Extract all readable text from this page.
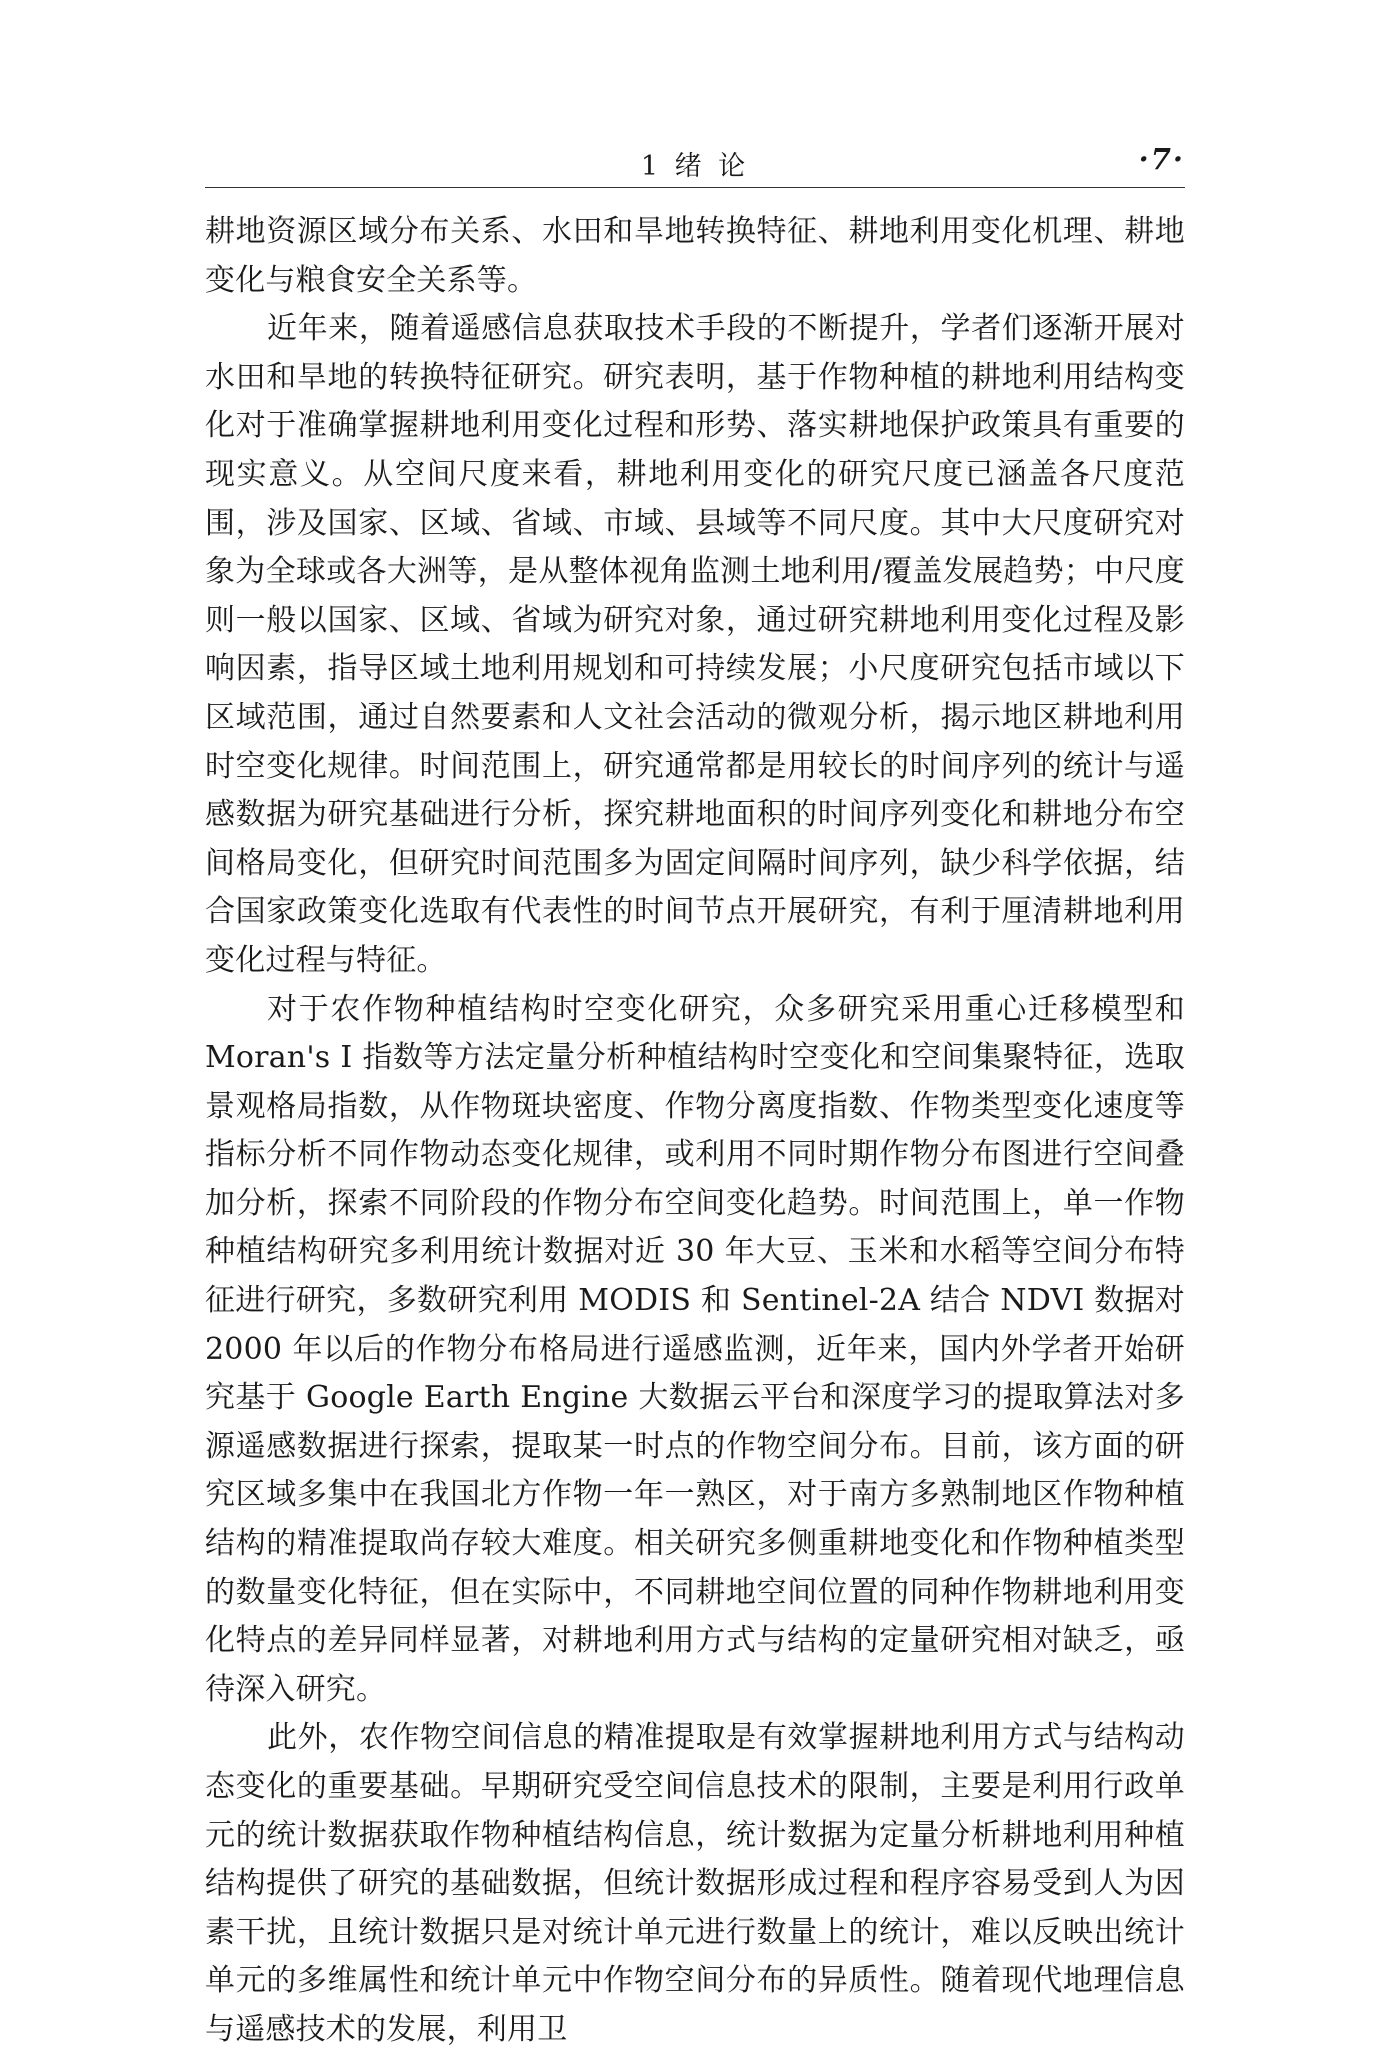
1 绪 论	·7·

耕地资源区域分布关系、水田和旱地转换特征、耕地利用变化机理、耕地变化与粮食安全关系等。

近年来，随着遥感信息获取技术手段的不断提升，学者们逐渐开展对水田和旱地的转换特征研究。研究表明，基于作物种植的耕地利用结构变化对于准确掌握耕地利用变化过程和形势、落实耕地保护政策具有重要的现实意义。从空间尺度来看，耕地利用变化的研究尺度已涵盖各尺度范围，涉及国家、区域、省域、市域、县域等不同尺度。其中大尺度研究对象为全球或各大洲等，是从整体视角监测土地利用/覆盖发展趋势；中尺度则一般以国家、区域、省域为研究对象，通过研究耕地利用变化过程及影响因素，指导区域土地利用规划和可持续发展；小尺度研究包括市域以下区域范围，通过自然要素和人文社会活动的微观分析，揭示地区耕地利用时空变化规律。时间范围上，研究通常都是用较长的时间序列的统计与遥感数据为研究基础进行分析，探究耕地面积的时间序列变化和耕地分布空间格局变化，但研究时间范围多为固定间隔时间序列，缺少科学依据，结合国家政策变化选取有代表性的时间节点开展研究，有利于厘清耕地利用变化过程与特征。

对于农作物种植结构时空变化研究，众多研究采用重心迁移模型和 Moran's I 指数等方法定量分析种植结构时空变化和空间集聚特征，选取景观格局指数，从作物斑块密度、作物分离度指数、作物类型变化速度等指标分析不同作物动态变化规律，或利用不同时期作物分布图进行空间叠加分析，探索不同阶段的作物分布空间变化趋势。时间范围上，单一作物种植结构研究多利用统计数据对近 30 年大豆、玉米和水稻等空间分布特征进行研究，多数研究利用 MODIS 和 Sentinel-2A 结合 NDVI 数据对 2000 年以后的作物分布格局进行遥感监测，近年来，国内外学者开始研究基于 Google Earth Engine 大数据云平台和深度学习的提取算法对多源遥感数据进行探索，提取某一时点的作物空间分布。目前，该方面的研究区域多集中在我国北方作物一年一熟区，对于南方多熟制地区作物种植结构的精准提取尚存较大难度。相关研究多侧重耕地变化和作物种植类型的数量变化特征，但在实际中，不同耕地空间位置的同种作物耕地利用变化特点的差异同样显著，对耕地利用方式与结构的定量研究相对缺乏，亟待深入研究。

此外，农作物空间信息的精准提取是有效掌握耕地利用方式与结构动态变化的重要基础。早期研究受空间信息技术的限制，主要是利用行政单元的统计数据获取作物种植结构信息，统计数据为定量分析耕地利用种植结构提供了研究的基础数据，但统计数据形成过程和程序容易受到人为因素干扰，且统计数据只是对统计单元进行数量上的统计，难以反映出统计单元的多维属性和统计单元中作物空间分布的异质性。随着现代地理信息与遥感技术的发展，利用卫
